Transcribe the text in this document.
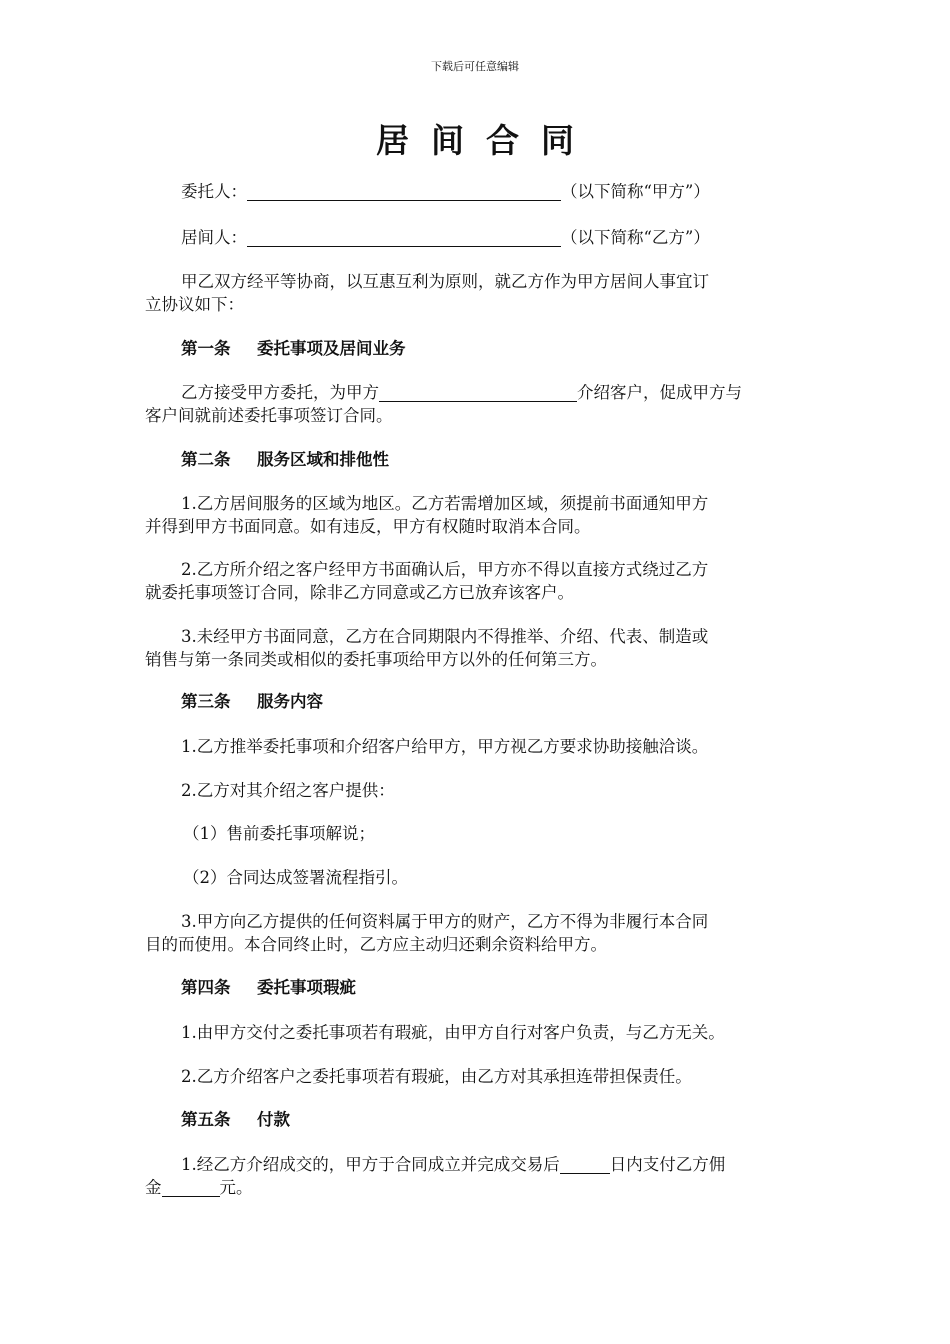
下载后可任意编辑
居间合同
委托人：	（以下简称“甲方”）
居间人：	（以下简称“乙方”）
甲乙双方经平等协商，以互惠互利为原则，就乙方作为甲方居间人事宜订
立协议如下：
第一条 委托事项及居间业务
乙方接受甲方委托，为甲方	介绍客户，促成甲方与
客户间就前述委托事项签订合同。
第二条 服务区域和排他性
1.乙方居间服务的区域为地区。乙方若需增加区域，须提前书面通知甲方
并得到甲方书面同意。如有违反，甲方有权随时取消本合同。
2.乙方所介绍之客户经甲方书面确认后，甲方亦不得以直接方式绕过乙方
就委托事项签订合同，除非乙方同意或乙方已放弃该客户。
3.未经甲方书面同意，乙方在合同期限内不得推举、介绍、代表、制造或
销售与第一条同类或相似的委托事项给甲方以外的任何第三方。
第三条 服务内容
1.乙方推举委托事项和介绍客户给甲方，甲方视乙方要求协助接触洽谈。
2.乙方对其介绍之客户提供：
（1）售前委托事项解说；
（2）合同达成签署流程指引。
3.甲方向乙方提供的任何资料属于甲方的财产，乙方不得为非履行本合同
目的而使用。本合同终止时，乙方应主动归还剩余资料给甲方。
第四条 委托事项瑕疵
1.由甲方交付之委托事项若有瑕疵，由甲方自行对客户负责，与乙方无关。
2.乙方介绍客户之委托事项若有瑕疵，由乙方对其承担连带担保责任。
第五条 付款
1.经乙方介绍成交的，甲方于合同成立并完成交易后	日内支付乙方佣
金	元。
